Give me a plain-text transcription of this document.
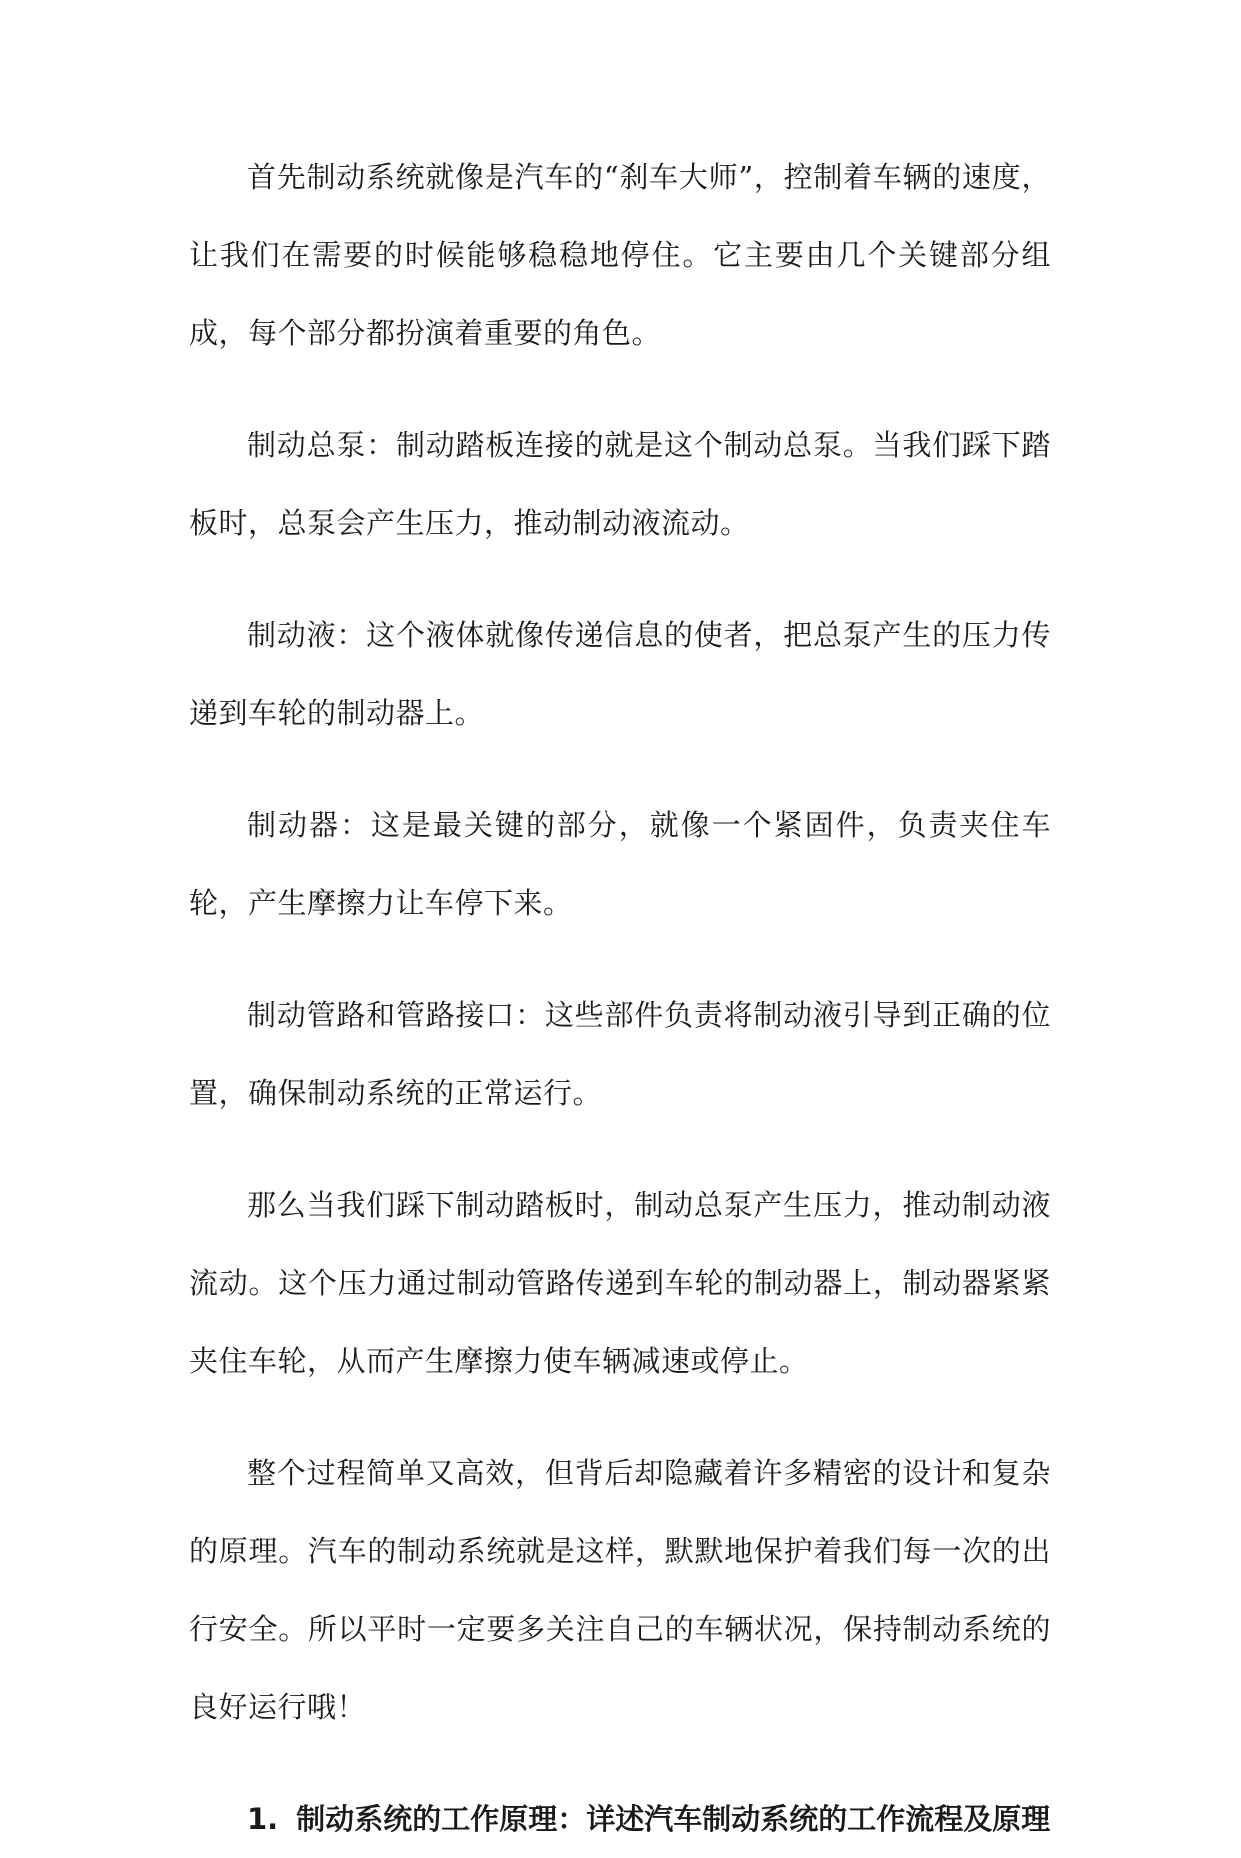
首先制动系统就像是汽车的“刹车大师”，控制着车辆的速度，让我们在需要的时候能够稳稳地停住。它主要由几个关键部分组成，每个部分都扮演着重要的角色。

制动总泵：制动踏板连接的就是这个制动总泵。当我们踩下踏板时，总泵会产生压力，推动制动液流动。

制动液：这个液体就像传递信息的使者，把总泵产生的压力传递到车轮的制动器上。

制动器：这是最关键的部分，就像一个紧固件，负责夹住车轮，产生摩擦力让车停下来。

制动管路和管路接口：这些部件负责将制动液引导到正确的位置，确保制动系统的正常运行。

那么当我们踩下制动踏板时，制动总泵产生压力，推动制动液流动。这个压力通过制动管路传递到车轮的制动器上，制动器紧紧夹住车轮，从而产生摩擦力使车辆减速或停止。

整个过程简单又高效，但背后却隐藏着许多精密的设计和复杂的原理。汽车的制动系统就是这样，默默地保护着我们每一次的出行安全。所以平时一定要多关注自己的车辆状况，保持制动系统的良好运行哦！

1. 制动系统的工作原理：详述汽车制动系统的工作流程及原理
